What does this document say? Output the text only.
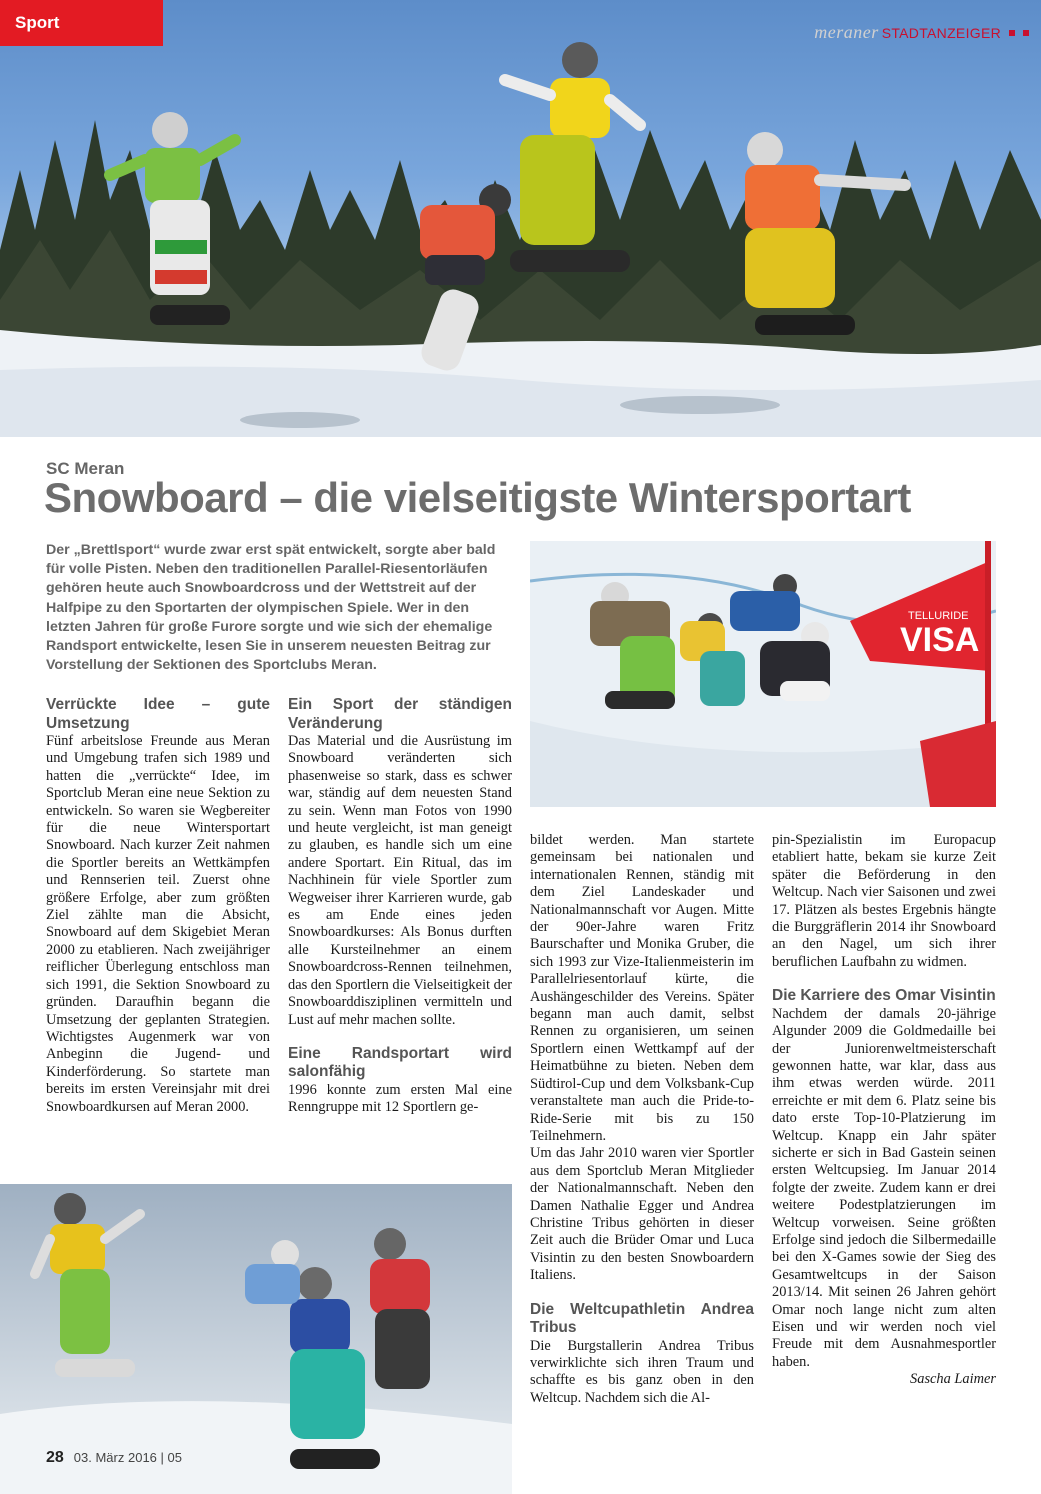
Sport	meraner STADTANZEIGER
SC Meran
Snowboard – die vielseitigste Wintersportart

Der „Brettlsport“ wurde zwar erst spät entwickelt, sorgte aber bald für volle Pisten. Neben den traditionellen Parallel-Riesentorläufen gehören heute auch Snowboardcross und der Wettstreit auf der Halfpipe zu den Sportarten der olympischen Spiele. Wer in den letzten Jahren für große Furore sorgte und wie sich der ehemalige Randsport entwickelte, lesen Sie in unserem neuesten Beitrag zur Vorstellung der Sektionen des Sportclubs Meran.

VISA
TELLURIDE
Verrückte Idee – gute Umsetzung

Fünf arbeitslose Freunde aus Meran und Umgebung trafen sich 1989 und hatten die „verrückte“ Idee, im Sportclub Meran eine neue Sektion zu entwickeln. So waren sie Wegbereiter für die neue Wintersportart Snowboard. Nach kurzer Zeit nahmen die Sportler bereits an Wettkämpfen und Rennserien teil. Zuerst ohne größere Erfolge, aber zum größten Ziel zählte man die Absicht, Snowboard auf dem Skigebiet Meran 2000 zu etablieren. Nach zweijähriger reiflicher Überlegung entschloss man sich 1991, die Sektion Snowboard zu gründen. Daraufhin begann die Umsetzung der geplanten Strategien. Wichtigstes Augenmerk war von Anbeginn die Jugend- und Kinderförderung. So startete man bereits im ersten Vereinsjahr mit drei Snowboardkursen auf Meran 2000.

Ein Sport der ständigen Veränderung

Das Material und die Ausrüstung im Snowboard veränderten sich phasenweise so stark, dass es schwer war, ständig auf dem neuesten Stand zu sein. Wenn man Fotos von 1990 und heute vergleicht, ist man geneigt zu glauben, es handle sich um eine andere Sportart. Ein Ritual, das im Nachhinein für viele Sportler zum Wegweiser ihrer Karrieren wurde, gab es am Ende eines jeden Snowboardkurses: Als Bonus durften alle Kursteilnehmer an einem Snowboardcross-Rennen teilnehmen, das den Sportlern die Vielseitigkeit der Snowboarddisziplinen vermitteln und Lust auf mehr machen sollte.

Eine Randsportart wird salonfähig

1996 konnte zum ersten Mal eine Renngruppe mit 12 Sportlern ge-

bildet werden. Man startete gemeinsam bei nationalen und internationalen Rennen, ständig mit dem Ziel Landeskader und Nationalmannschaft vor Augen. Mitte der 90er-Jahre waren Fritz Baurschafter und Monika Gruber, die sich 1993 zur Vize-Italienmeisterin im Parallelriesentorlauf kürte, die Aushängeschilder des Vereins. Später begann man auch damit, selbst Rennen zu organisieren, um seinen Sportlern einen Wettkampf auf der Heimatbühne zu bieten. Neben dem Südtirol-Cup und dem Volksbank-Cup veranstaltete man auch die Pride-to-Ride-Serie mit bis zu 150 Teilnehmern.

Um das Jahr 2010 waren vier Sportler aus dem Sportclub Meran Mitglieder der Nationalmannschaft. Neben den Damen Nathalie Egger und Andrea Christine Tribus gehörten in dieser Zeit auch die Brüder Omar und Luca Visintin zu den besten Snowboardern Italiens.

Die Weltcupathletin Andrea Tribus

Die Burgstallerin Andrea Tribus verwirklichte sich ihren Traum und schaffte es bis ganz oben in den Weltcup. Nachdem sich die Al-

pin-Spezialistin im Europacup etabliert hatte, bekam sie kurze Zeit später die Beförderung in den Weltcup. Nach vier Saisonen und zwei 17. Plätzen als bestes Ergebnis hängte die Burggräflerin 2014 ihr Snowboard an den Nagel, um sich ihrer beruflichen Laufbahn zu widmen.

Die Karriere des Omar Visintin

Nachdem der damals 20-jährige Algunder 2009 die Goldmedaille bei der Juniorenweltmeisterschaft gewonnen hatte, war klar, dass aus ihm etwas werden würde. 2011 erreichte er mit dem 6. Platz seine bis dato erste Top-10-Platzierung im Weltcup. Knapp ein Jahr später sicherte er sich in Bad Gastein seinen ersten Weltcupsieg. Im Januar 2014 folgte der zweite. Zudem kann er drei weitere Podestplatzierungen im Weltcup vorweisen. Seine größten Erfolge sind jedoch die Silbermedaille bei den X-Games sowie der Sieg des Gesamtweltcups in der Saison 2013/14. Mit seinen 26 Jahren gehört Omar noch lange nicht zum alten Eisen und wir werden noch viel Freude mit dem Ausnahmesportler haben.

Sascha Laimer

28 03. März 2016 | 05
